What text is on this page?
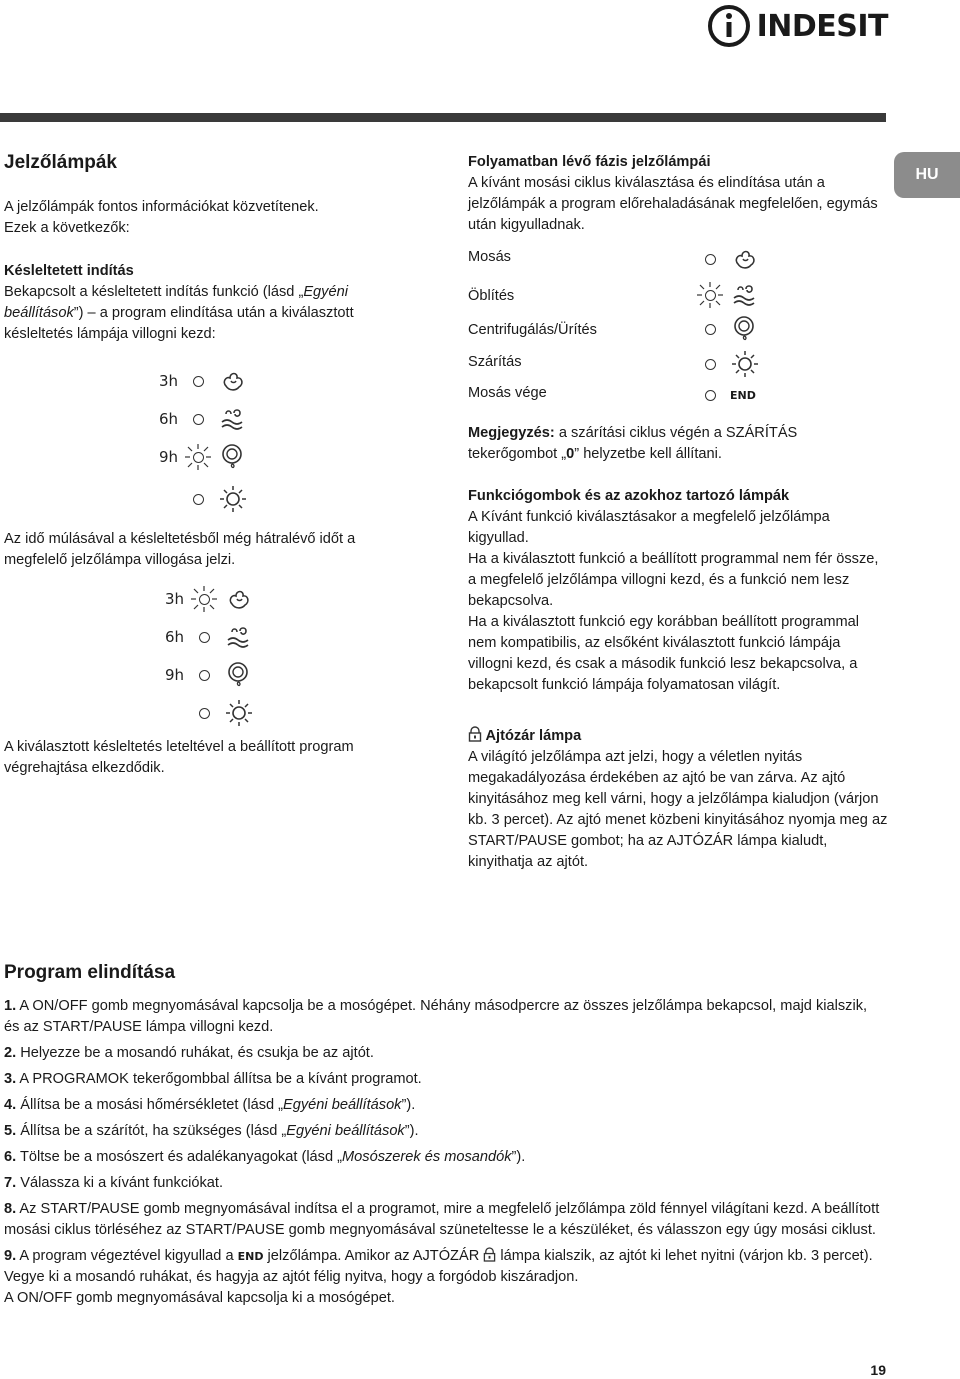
INDESIT
HU
Jelzőlámpák
A jelzőlámpák fontos információkat közvetítenek.
Ezek a következők:
Késleltetett indítás
Bekapcsolt a késleltetett indítás funkció (lásd „Egyéni beállítások”) – a program elindítása után a kiválasztott késleltetés lámpája villogni kezd:
3h
6h
9h
Az idő múlásával a késleltetésből még hátralévő időt a megfelelő jelzőlámpa villogása jelzi.
3h
6h
9h
A kiválasztott késleltetés leteltével a beállított program végrehajtása elkezdődik.
Folyamatban lévő fázis jelzőlámpái
A kívánt mosási ciklus kiválasztása és elindítása után a jelzőlámpák a program előrehaladásának megfelelően, egymás után kigyulladnak.
Mosás
Öblítés
Centrifugálás/Ürítés
Szárítás
Mosás vége	END
Megjegyzés: a szárítási ciklus végén a SZÁRÍTÁS tekerőgombot „0” helyzetbe kell állítani.
Funkciógombok és az azokhoz tartozó lámpák
A Kívánt funkció kiválasztásakor a megfelelő jelzőlámpa kigyullad.
Ha a kiválasztott funkció a beállított programmal nem fér össze, a megfelelő jelzőlámpa villogni kezd, és a funkció nem lesz bekapcsolva.
Ha a kiválasztott funkció egy korábban beállított programmal nem kompatibilis, az elsőként kiválasztott funkció lámpája villogni kezd, és csak a második funkció lesz bekapcsolva, a bekapcsolt funkció lámpája folyamatosan világít.
Ajtózár lámpa
A világító jelzőlámpa azt jelzi, hogy a véletlen nyitás megakadályozása érdekében az ajtó be van zárva. Az ajtó kinyitásához meg kell várni, hogy a jelzőlámpa kialudjon (várjon kb. 3 percet). Az ajtó menet közbeni kinyitásához nyomja meg az START/PAUSE gombot; ha az AJTÓZÁR lámpa kialudt, kinyithatja az ajtót.
Program elindítása
1. A ON/OFF gomb megnyomásával kapcsolja be a mosógépet. Néhány másodpercre az összes jelzőlámpa bekapcsol, majd kialszik, és az START/PAUSE lámpa villogni kezd.
2. Helyezze be a mosandó ruhákat, és csukja be az ajtót.
3. A PROGRAMOK tekerőgombbal állítsa be a kívánt programot.
4. Állítsa be a mosási hőmérsékletet (lásd „Egyéni beállítások”).
5. Állítsa be a szárítót, ha szükséges (lásd „Egyéni beállítások”).
6. Töltse be a mosószert és adalékanyagokat (lásd „Mosószerek és mosandók”).
7. Válassza ki a kívánt funkciókat.
8. Az START/PAUSE gomb megnyomásával indítsa el a programot, mire a megfelelő jelzőlámpa zöld fénnyel világítani kezd. A beállított mosási ciklus törléséhez az START/PAUSE gomb megnyomásával szüneteltesse le a készüléket, és válasszon egy úgy mosási ciklust.
9. A program végeztével kigyullad a END jelzőlámpa. Amikor az AJTÓZÁR  lámpa kialszik, az ajtót ki lehet nyitni (várjon kb. 3 percet). Vegye ki a mosandó ruhákat, és hagyja az ajtót félig nyitva, hogy a forgódob kiszáradjon.
A ON/OFF gomb megnyomásával kapcsolja ki a mosógépet.
19
